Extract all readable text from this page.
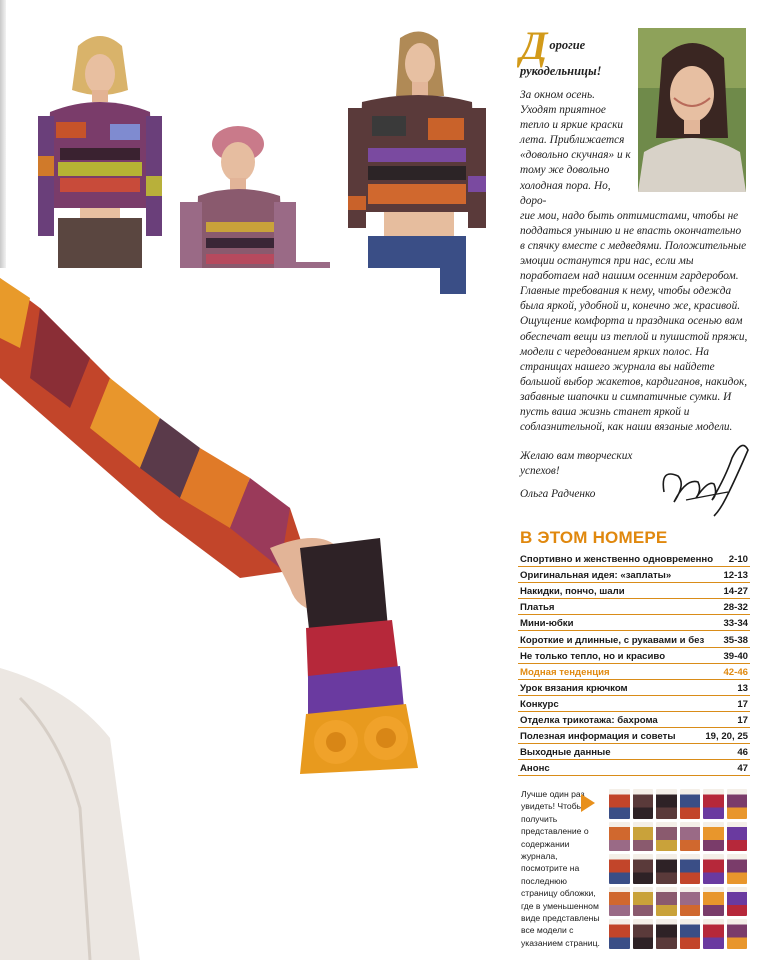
Д орогие
рукодельницы!

За окном осень. Уходят приятное тепло и яркие краски лета. Приближается «довольно скучная» и к тому же довольно холодная пора. Но, доро-

гие мои, надо быть оптимистами, чтобы не поддаться унынию и не впасть окончательно в спячку вместе с медведями. Положительные эмоции останутся при нас, если мы поработаем над нашим осенним гардеробом. Главные требования к нему, чтобы одежда была яркой, удобной и, конечно же, красивой. Ощущение комфорта и праздника осенью вам обеспечат вещи из теплой и пушистой пряжи, модели с чередованием ярких полос. На страницах нашего журнала вы найдете большой выбор жакетов, кардиганов, накидок, забавные шапочки и симпатичные сумки. И пусть ваша жизнь станет яркой и соблазнительной, как наши вязаные модели.

Желаю вам творческих успехов!
Ольга Радченко
В ЭТОМ НОМЕРЕ
Спортивно и женственно одновременно 2-10
Оригинальная идея: «заплаты»	12-13
Накидки, пончо, шали	14-27
Платья	28-32
Мини-юбки	33-34
Короткие и длинные, с рукавами и без 35-38
Не только тепло, но и красиво	39-40
Модная тенденция	42-46
Урок вязания крючком	13
Конкурс	17
Отделка трикотажа: бахрома	17
Полезная информация и советы	19, 20, 25
Выходные данные	46
Анонс	47
Лучше один раз увидеть! Чтобы получить представление о содержании журнала, посмотрите на последнюю страницу обложки, где в уменьшенном виде представлены все модели с указанием страниц.
